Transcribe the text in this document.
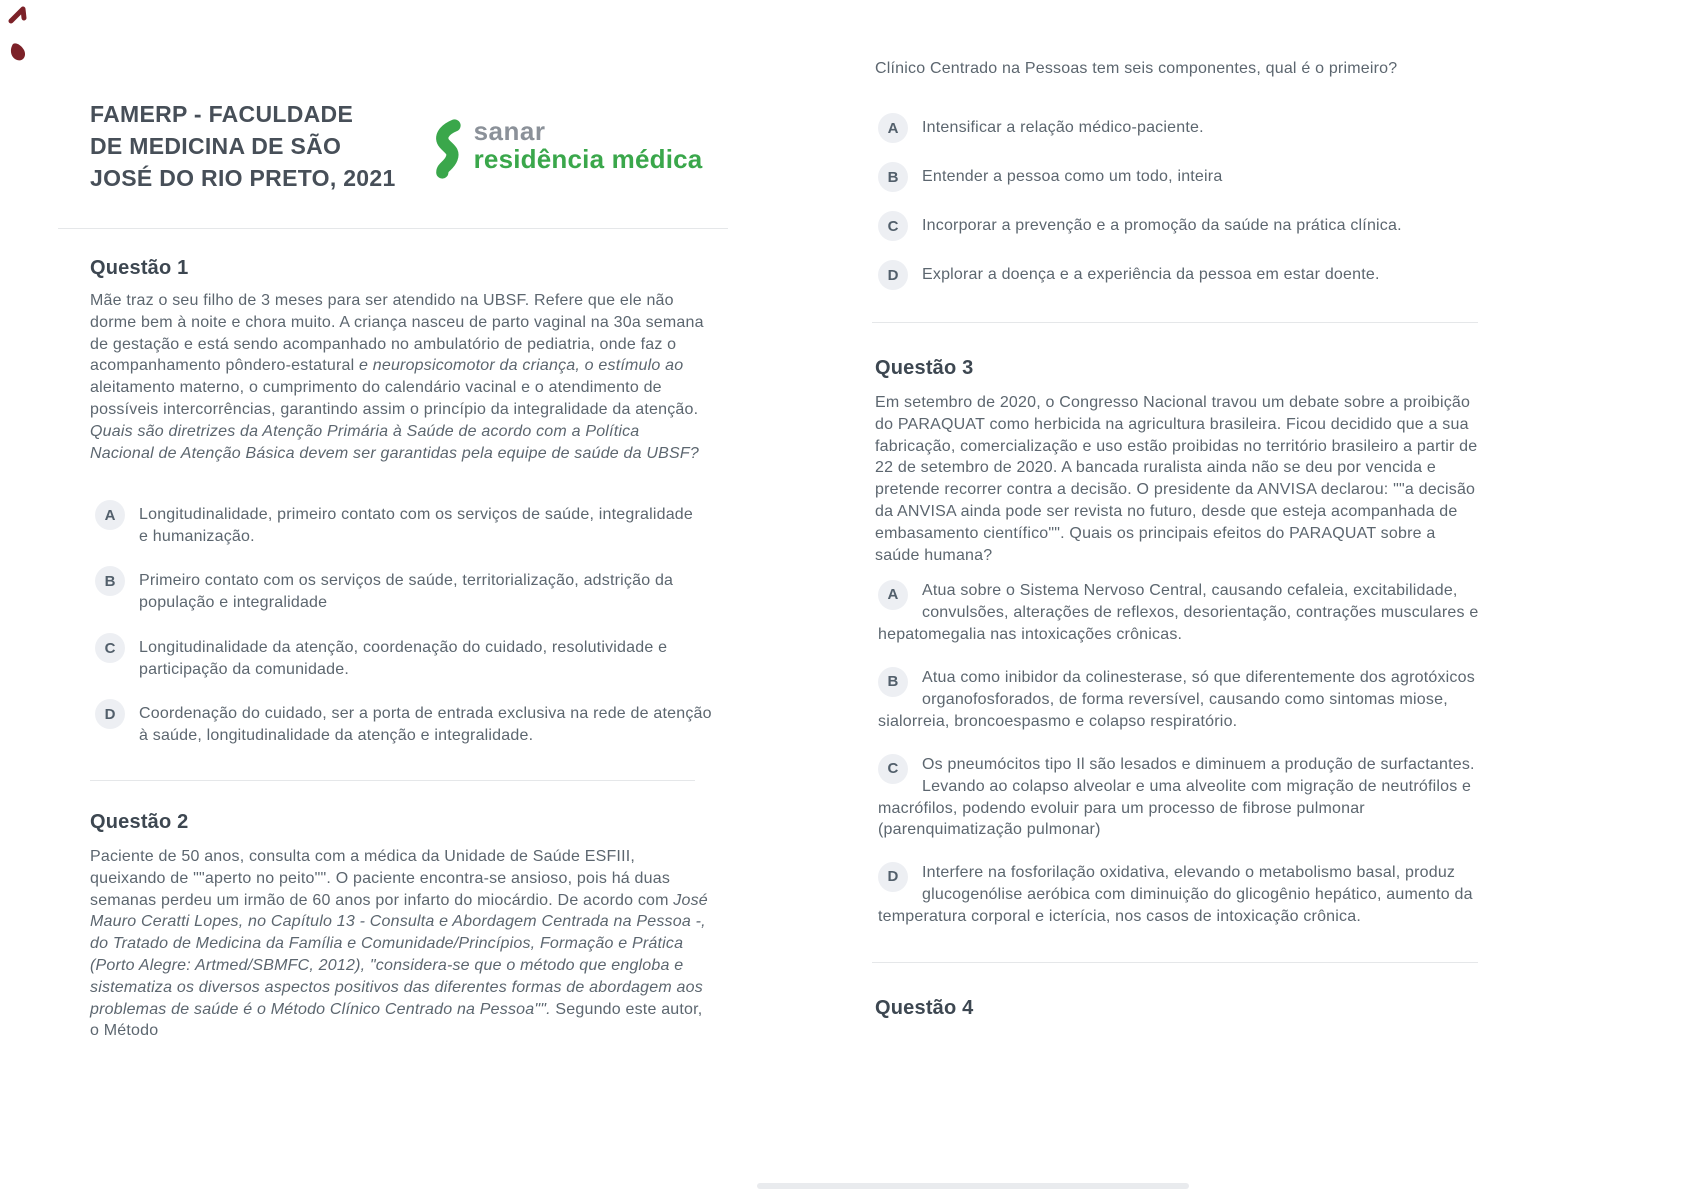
FAMERP - FACULDADE
DE MEDICINA DE SÃO
JOSÉ DO RIO PRETO, 2021
sanar
residência médica
Questão 1

Mãe traz o seu filho de 3 meses para ser atendido na UBSF. Refere que ele não dorme bem à noite e chora muito. A criança nasceu de parto vaginal na 30a semana de gestação e está sendo acompanhado no ambulatório de pediatria, onde faz o acompanhamento pôndero-estatural e neuropsicomotor da criança, o estímulo ao aleitamento materno, o cumprimento do calendário vacinal e o atendimento de possíveis intercorrências, garantindo assim o princípio da integralidade da atenção. Quais são diretrizes da Atenção Primária à Saúde de acordo com a Política Nacional de Atenção Básica devem ser garantidas pela equipe de saúde da UBSF?

A	Longitudinalidade, primeiro contato com os serviços de saúde, integralidade e humanização.
B	Primeiro contato com os serviços de saúde, territorialização, adstrição da população e integralidade
C	Longitudinalidade da atenção, coordenação do cuidado, resolutividade e participação da comunidade.
D	Coordenação do cuidado, ser a porta de entrada exclusiva na rede de atenção à saúde, longitudinalidade da atenção e integralidade.
Questão 2

Paciente de 50 anos, consulta com a médica da Unidade de Saúde ESFIII, queixando de ""aperto no peito"". O paciente encontra-se ansioso, pois há duas semanas perdeu um irmão de 60 anos por infarto do miocárdio. De acordo com José Mauro Ceratti Lopes, no Capítulo 13 - Consulta e Abordagem Centrada na Pessoa -, do Tratado de Medicina da Família e Comunidade/Princípios, Formação e Prática (Porto Alegre: Artmed/SBMFC, 2012), "considera-se que o método que engloba e sistematiza os diversos aspectos positivos das diferentes formas de abordagem aos problemas de saúde é o Método Clínico Centrado na Pessoa"". Segundo este autor, o Método

Clínico Centrado na Pessoas tem seis componentes, qual é o primeiro?

A	Intensificar a relação médico-paciente.
B	Entender a pessoa como um todo, inteira
C	Incorporar a prevenção e a promoção da saúde na prática clínica.
D	Explorar a doença e a experiência da pessoa em estar doente.
Questão 3

Em setembro de 2020, o Congresso Nacional travou um debate sobre a proibição do PARAQUAT como herbicida na agricultura brasileira. Ficou decidido que a sua fabricação, comercialização e uso estão proibidas no território brasileiro a partir de 22 de setembro de 2020. A bancada ruralista ainda não se deu por vencida e pretende recorrer contra a decisão. O presidente da ANVISA declarou: ""a decisão da ANVISA ainda pode ser revista no futuro, desde que esteja acompanhada de embasamento científico"". Quais os principais efeitos do PARAQUAT sobre a saúde humana?

A	Atua sobre o Sistema Nervoso Central, causando cefaleia, excitabilidade, convulsões, alterações de reflexos, desorientação, contrações musculares e hepatomegalia nas intoxicações crônicas.
B	Atua como inibidor da colinesterase, só que diferentemente dos agrotóxicos organofosforados, de forma reversível, causando como sintomas miose, sialorreia, broncoespasmo e colapso respiratório.
C	Os pneumócitos tipo Il são lesados e diminuem a produção de surfactantes. Levando ao colapso alveolar e uma alveolite com migração de neutrófilos e macrófilos, podendo evoluir para um processo de fibrose pulmonar (parenquimatização pulmonar)
D	Interfere na fosforilação oxidativa, elevando o metabolismo basal, produz glucogenólise aeróbica com diminuição do glicogênio hepático, aumento da temperatura corporal e icterícia, nos casos de intoxicação crônica.
Questão 4
